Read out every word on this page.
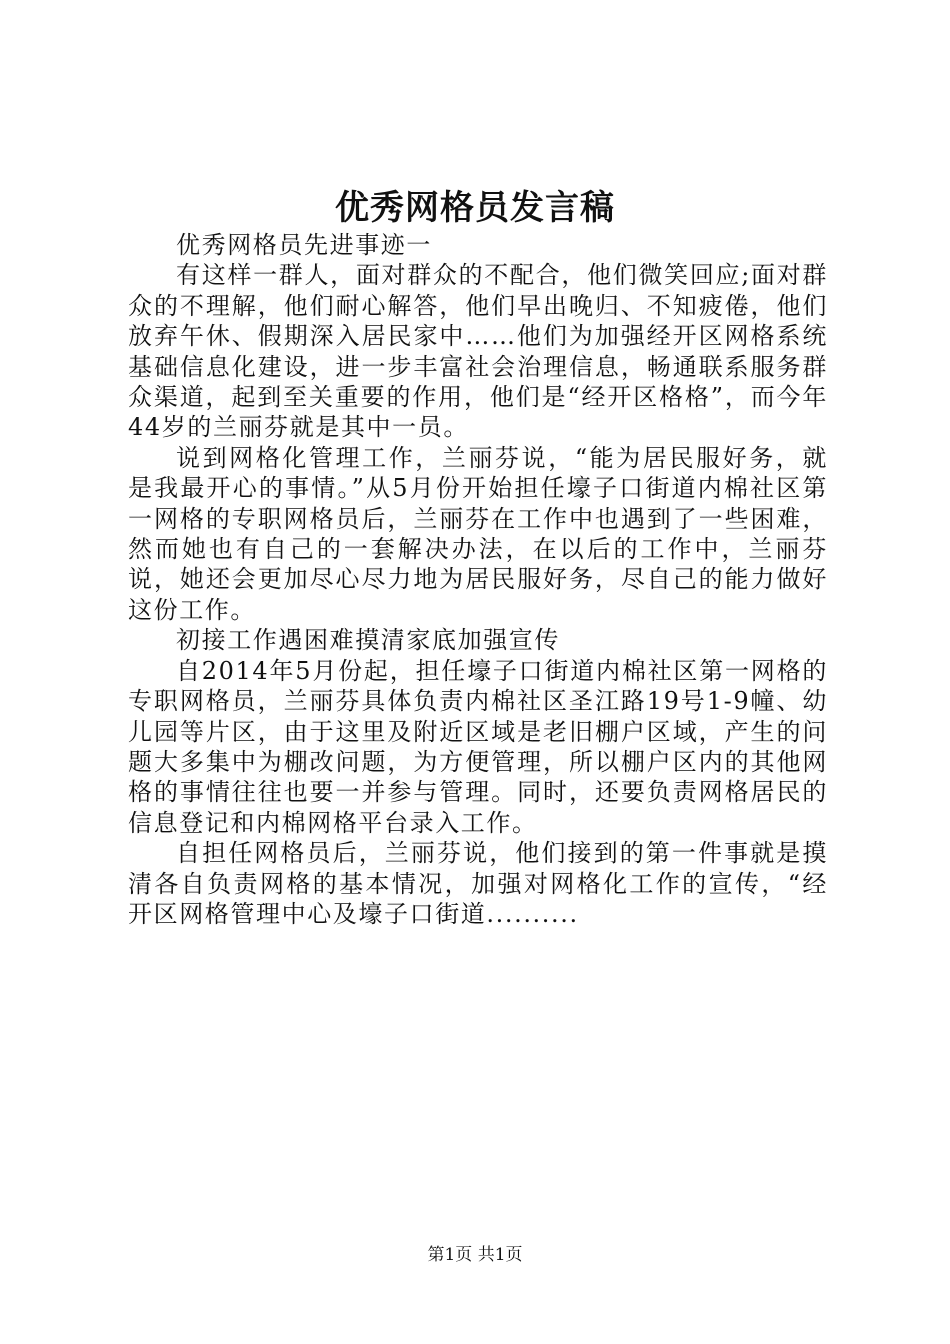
优秀网格员发言稿

优秀网格员先进事迹一

有这样一群人，面对群众的不配合，他们微笑回应;面对群众的不理解，他们耐心解答，他们早出晚归、不知疲倦，他们放弃午休、假期深入居民家中……他们为加强经开区网格系统基础信息化建设，进一步丰富社会治理信息，畅通联系服务群众渠道，起到至关重要的作用，他们是“经开区格格”，而今年44岁的兰丽芬就是其中一员。

说到网格化管理工作，兰丽芬说，“能为居民服好务，就是我最开心的事情。”从5月份开始担任壕子口街道内棉社区第一网格的专职网格员后，兰丽芬在工作中也遇到了一些困难，然而她也有自己的一套解决办法，在以后的工作中，兰丽芬说，她还会更加尽心尽力地为居民服好务，尽自己的能力做好这份工作。

初接工作遇困难摸清家底加强宣传

自2014年5月份起，担任壕子口街道内棉社区第一网格的专职网格员，兰丽芬具体负责内棉社区圣江路19号1-9幢、幼儿园等片区，由于这里及附近区域是老旧棚户区域，产生的问题大多集中为棚改问题，为方便管理，所以棚户区内的其他网格的事情往往也要一并参与管理。同时，还要负责网格居民的信息登记和内棉网格平台录入工作。

自担任网格员后，兰丽芬说，他们接到的第一件事就是摸清各自负责网格的基本情况，加强对网格化工作的宣传，“经开区网格管理中心及壕子口街道..........

第1页 共1页
